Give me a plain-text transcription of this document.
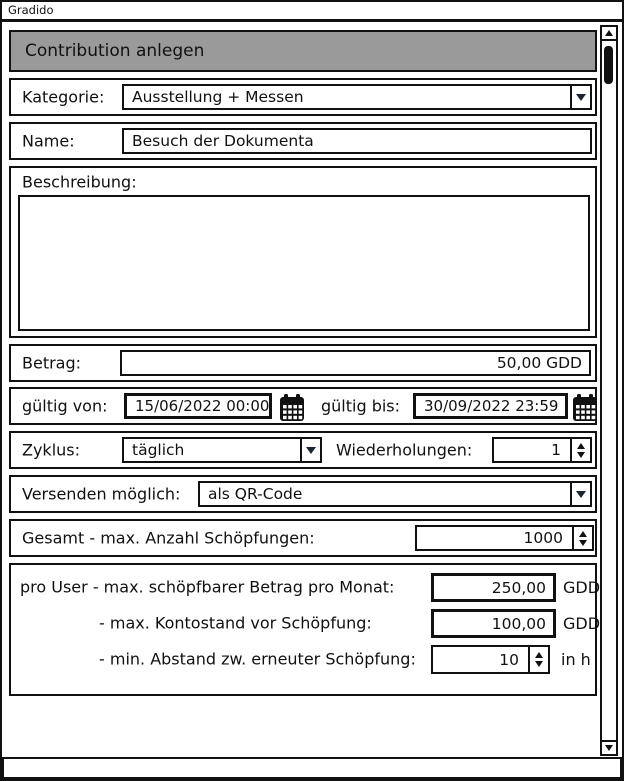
Gradido
Contribution anlegen
Kategorie: Ausstellung + Messen
Name:	Besuch der Dokumenta
Beschreibung:
Betrag:	50,00 GDD
gültig von:	15/06/2022 00:00	gültig bis:	30/09/2022 23:59
Zyklus:	täglich	Wiederholungen:	1
Versenden möglich: als QR-Code
Gesamt - max. Anzahl Schöpfungen:	1000
pro User - max. schöpfbarer Betrag pro Monat:	250,00	GDD
- max. Kontostand vor Schöpfung:	100,00	GDD
- min. Abstand zw. erneuter Schöpfung:	10	in h
